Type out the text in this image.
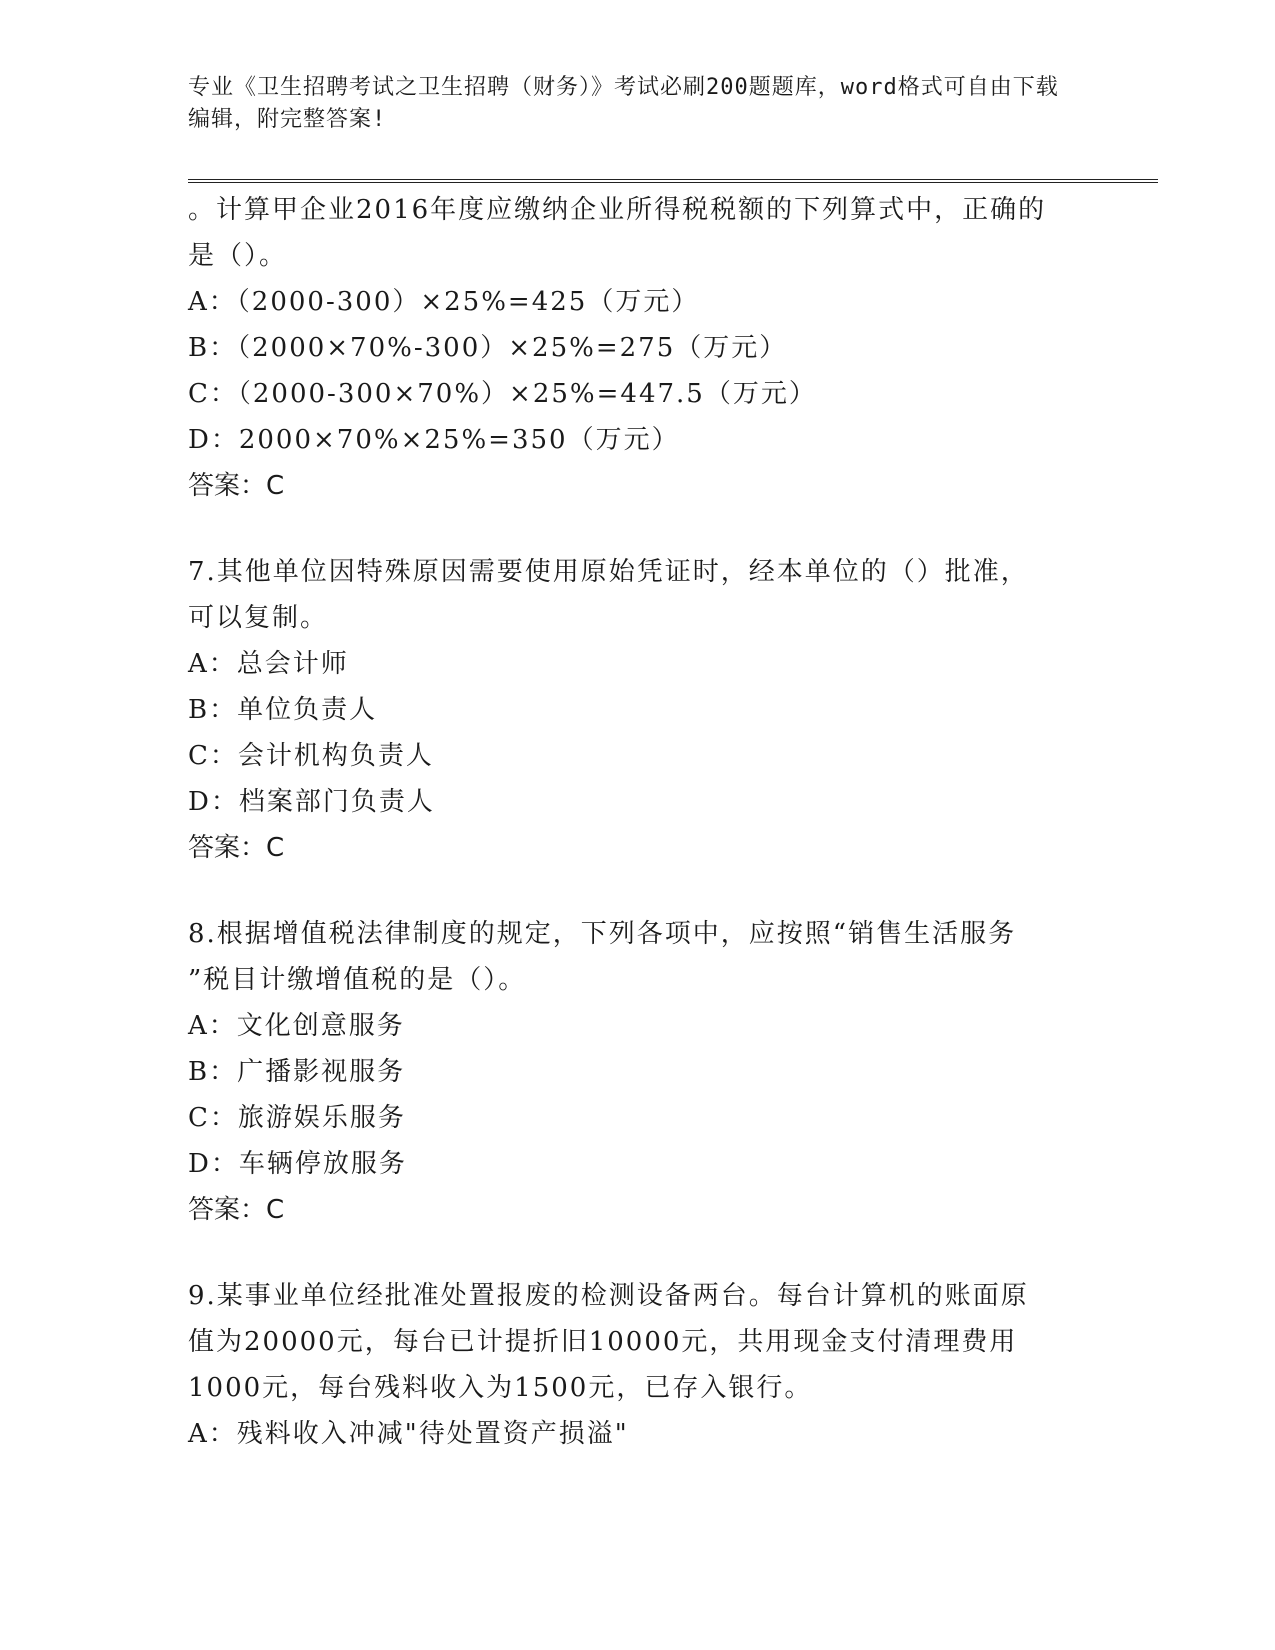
专业《卫生招聘考试之卫生招聘（财务）》考试必刷200题题库，word格式可自由下载编辑，附完整答案!
。计算甲企业2016年度应缴纳企业所得税税额的下列算式中，正确的
是（）。
A：（2000-300）×25%=425（万元）
B：（2000×70%-300）×25%=275（万元）
C：（2000-300×70%）×25%=447.5（万元）
D：2000×70%×25%=350（万元）
答案：C
7.其他单位因特殊原因需要使用原始凭证时，经本单位的（）批准，
可以复制。
A：总会计师
B：单位负责人
C：会计机构负责人
D：档案部门负责人
答案：C
8.根据增值税法律制度的规定，下列各项中，应按照“销售生活服务
”税目计缴增值税的是（）。
A：文化创意服务
B：广播影视服务
C：旅游娱乐服务
D：车辆停放服务
答案：C
9.某事业单位经批准处置报废的检测设备两台。每台计算机的账面原
值为20000元，每台已计提折旧10000元，共用现金支付清理费用
1000元，每台残料收入为1500元，已存入银行。
A：残料收入冲减"待处置资产损溢"
